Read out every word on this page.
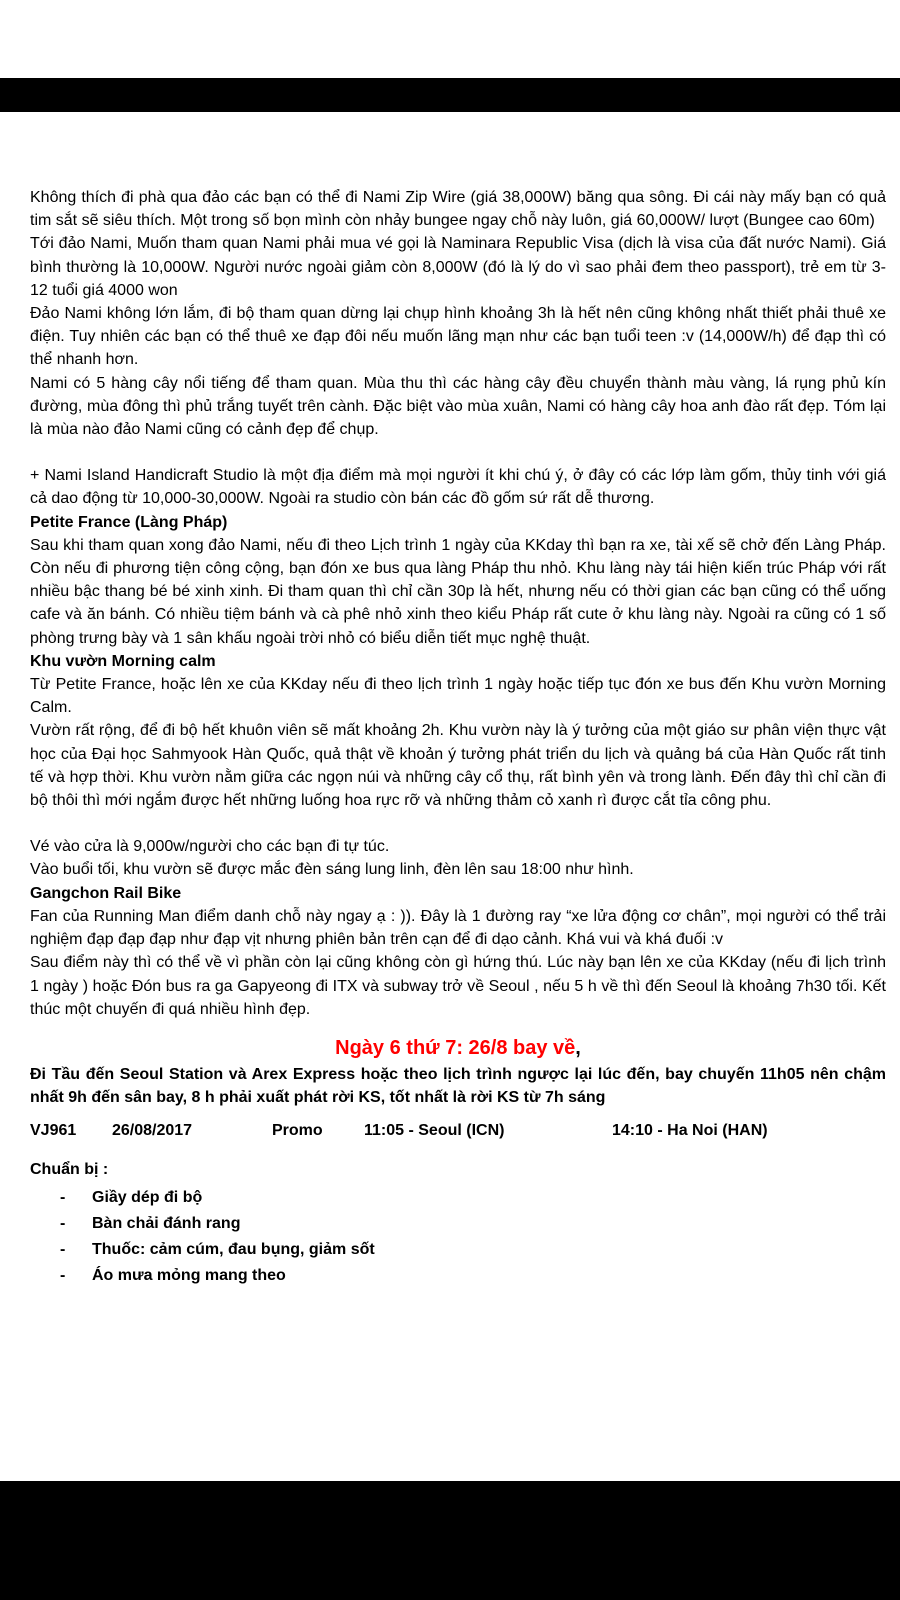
Không thích đi phà qua đảo các bạn có thể đi Nami Zip Wire (giá 38,000W) băng qua sông. Đi cái này mấy bạn có quả tim sắt sẽ siêu thích. Một trong số bọn mình còn nhảy bungee ngay chỗ này luôn, giá 60,000W/ lượt (Bungee cao 60m)

Tới đảo Nami, Muốn tham quan Nami phải mua vé gọi là Naminara Republic Visa (dịch là visa của đất nước Nami). Giá bình thường là 10,000W. Người nước ngoài giảm còn 8,000W (đó là lý do vì sao phải đem theo passport), trẻ em từ 3-12 tuổi giá 4000 won

Đảo Nami không lớn lắm, đi bộ tham quan dừng lại chụp hình khoảng 3h là hết nên cũng không nhất thiết phải thuê xe điện. Tuy nhiên các bạn có thể thuê xe đạp đôi nếu muốn lãng mạn như các bạn tuổi teen :v (14,000W/h) để đạp thì có thể nhanh hơn.

Nami có 5 hàng cây nổi tiếng để tham quan. Mùa thu thì các hàng cây đều chuyển thành màu vàng, lá rụng phủ kín đường, mùa đông thì phủ trắng tuyết trên cành. Đặc biệt vào mùa xuân, Nami có hàng cây hoa anh đào rất đẹp. Tóm lại là mùa nào đảo Nami cũng có cảnh đẹp để chụp.

+ Nami Island Handicraft Studio là một địa điểm mà mọi người ít khi chú ý, ở đây có các lớp làm gốm, thủy tinh với giá cả dao động từ 10,000-30,000W. Ngoài ra studio còn bán các đồ gốm sứ rất dễ thương.

Petite France (Làng Pháp)

Sau khi tham quan xong đảo Nami, nếu đi theo Lịch trình 1 ngày của KKday thì bạn ra xe, tài xế sẽ chở đến Làng Pháp. Còn nếu đi phương tiện công cộng, bạn đón xe bus qua làng Pháp thu nhỏ. Khu làng này tái hiện kiến trúc Pháp với rất nhiều bậc thang bé bé xinh xinh. Đi tham quan thì chỉ cần 30p là hết, nhưng nếu có thời gian các bạn cũng có thể uống cafe và ăn bánh. Có nhiều tiệm bánh và cà phê nhỏ xinh theo kiểu Pháp rất cute ở khu làng này. Ngoài ra cũng có 1 số phòng trưng bày và 1 sân khấu ngoài trời nhỏ có biểu diễn tiết mục nghệ thuật.

Khu vườn Morning calm

Từ Petite France, hoặc lên xe của KKday nếu đi theo lịch trình 1 ngày hoặc tiếp tục đón xe bus đến Khu vườn Morning Calm.

Vườn rất rộng, để đi bộ hết khuôn viên sẽ mất khoảng 2h. Khu vườn này là ý tưởng của một giáo sư phân viện thực vật học của Đại học Sahmyook Hàn Quốc, quả thật về khoản ý tưởng phát triển du lịch và quảng bá của Hàn Quốc rất tinh tế và hợp thời. Khu vườn nằm giữa các ngọn núi và những cây cổ thụ, rất bình yên và trong lành. Đến đây thì chỉ cần đi bộ thôi thì mới ngắm được hết những luống hoa rực rỡ và những thảm cỏ xanh rì được cắt tỉa công phu.

Vé vào cửa là 9,000w/người cho các bạn đi tự túc.

Vào buổi tối, khu vườn sẽ được mắc đèn sáng lung linh, đèn lên sau 18:00 như hình.

Gangchon Rail Bike

Fan của Running Man điểm danh chỗ này ngay ạ : )). Đây là 1 đường ray “xe lửa động cơ chân”, mọi người có thể trải nghiệm đạp đạp đạp như đạp vịt nhưng phiên bản trên cạn để đi dạo cảnh. Khá vui và khá đuối :v

Sau điểm này thì có thể về vì phần còn lại cũng không còn gì hứng thú. Lúc này bạn lên xe của KKday (nếu đi lịch trình 1 ngày ) hoặc Đón bus ra ga Gapyeong đi ITX và subway trở về Seoul , nếu 5 h về thì đến Seoul là khoảng 7h30 tối. Kết thúc một chuyến đi quá nhiều hình đẹp.

Ngày 6 thứ 7: 26/8 bay về,

Đi Tầu đến Seoul Station và Arex Express hoặc theo lịch trình ngược lại lúc đến, bay chuyến 11h05 nên chậm nhất 9h đến sân bay, 8 h phải xuất phát rời KS, tốt nhất là rời KS từ 7h sáng

VJ961	26/08/2017	Promo	11:05 - Seoul (ICN)	14:10 - Ha Noi (HAN)

Chuẩn bị :

- Giầy dép đi bộ
- Bàn chải đánh rang
- Thuốc: cảm cúm, đau bụng, giảm sốt
- Áo mưa mỏng mang theo
